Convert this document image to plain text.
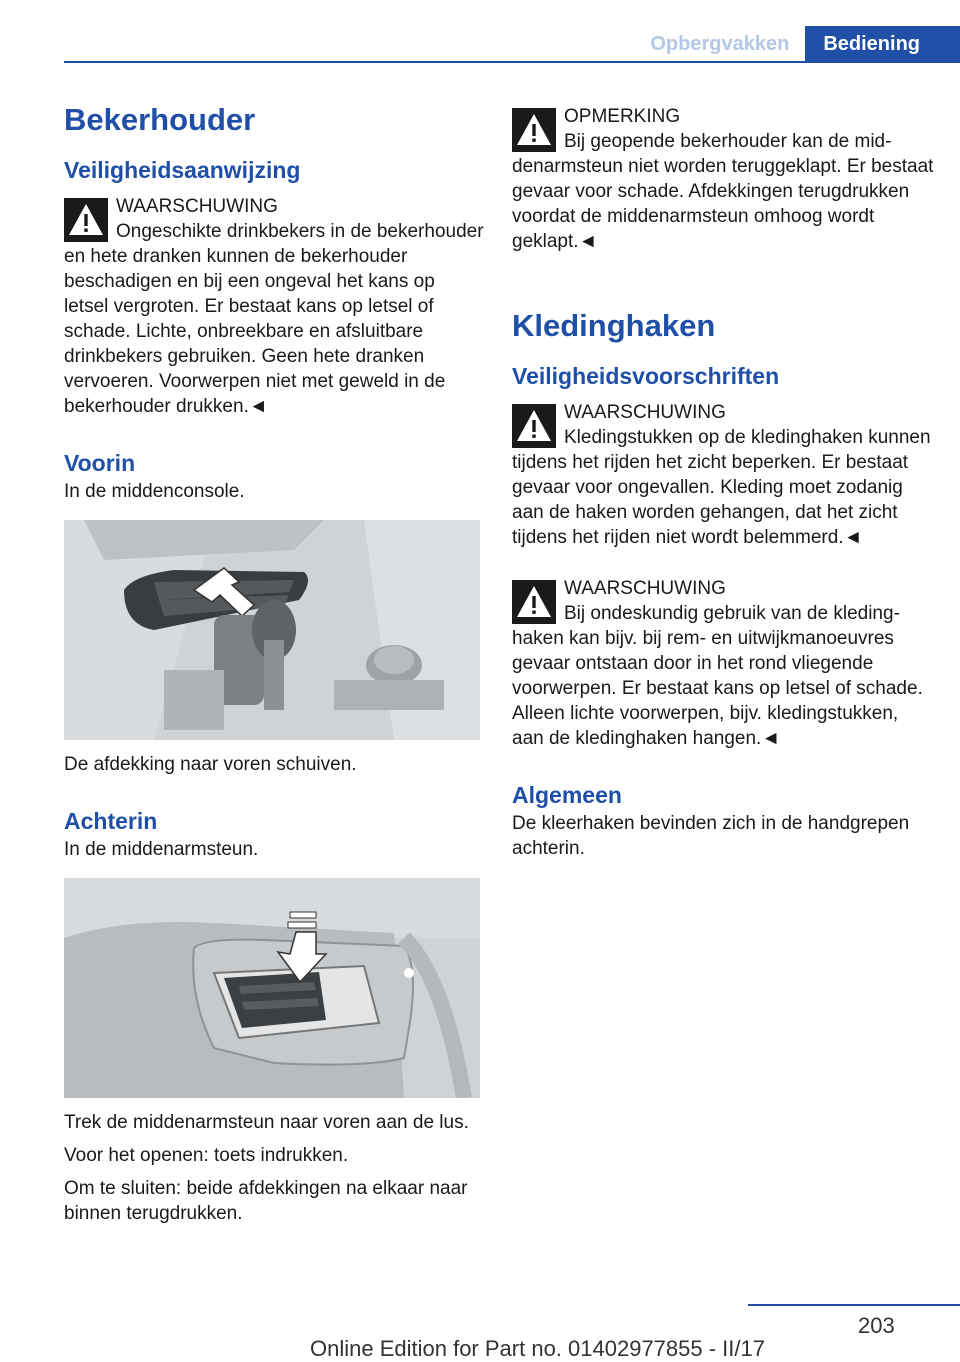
Opbergvakken	Bediening
Bekerhouder
Veiligheidsaanwijzing
WAARSCHUWING
Ongeschikte drinkbekers in de bekerhouder en hete dranken kunnen de bekerhouder beschadigen en bij een ongeval het kans op letsel vergroten. Er bestaat kans op letsel of schade. Lichte, onbreekbare en afsluitbare drinkbekers gebruiken. Geen hete dranken vervoeren. Voorwerpen niet met geweld in de bekerhouder drukken.◄
Voorin

In de middenconsole.

De afdekking naar voren schuiven.

Achterin

In de middenarmsteun.

Trek de middenarmsteun naar voren aan de lus.

Voor het openen: toets indrukken.

Om te sluiten: beide afdekkingen na elkaar naar binnen terugdrukken.

OPMERKING
Bij geopende bekerhouder kan de middenarmsteun niet worden teruggeklapt. Er bestaat gevaar voor schade. Afdekkingen terugdrukken voordat de middenarmsteun omhoog wordt geklapt.◄
Kledinghaken
Veiligheidsvoorschriften
WAARSCHUWING
Kledingstukken op de kledinghaken kunnen tijdens het rijden het zicht beperken. Er bestaat gevaar voor ongevallen. Kleding moet zodanig aan de haken worden gehangen, dat het zicht tijdens het rijden niet wordt belemmerd.◄
WAARSCHUWING
Bij ondeskundig gebruik van de kledinghaken kan bijv. bij rem- en uitwijkmanoeuvres gevaar ontstaan door in het rond vliegende voorwerpen. Er bestaat kans op letsel of schade. Alleen lichte voorwerpen, bijv. kledingstukken, aan de kledinghaken hangen.◄
Algemeen

De kleerhaken bevinden zich in de handgrepen achterin.

203
Online Edition for Part no. 01402977855 - II/17
